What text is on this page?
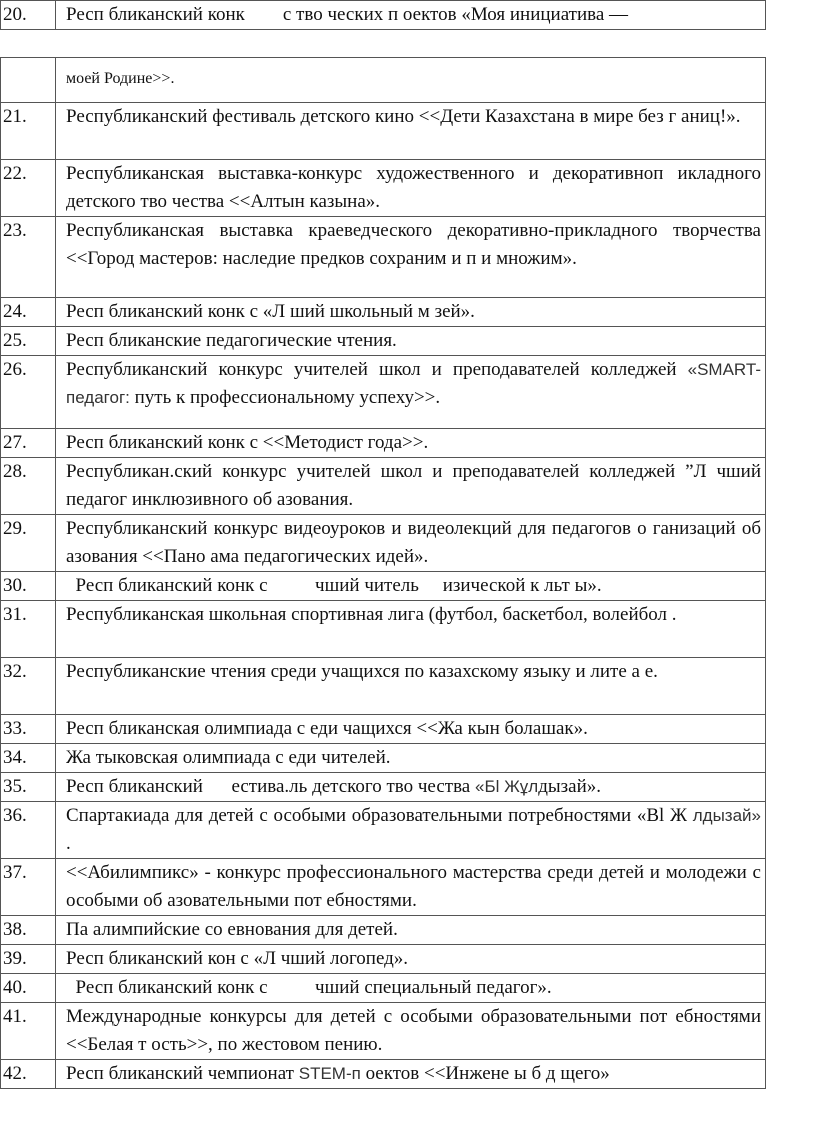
20.	Респ бликанский конк        с тво ческих п оектов «Моя инициатива —
	моей Родине>>.
21.	Республиканский фестиваль детского кино <<Дети Казахстана в мире без г аниц!».
22.	Республиканская выставка-конкурс художественного и декоративноп икладного детского тво чества <<Алтын казына».
23.	Республиканская выставка краеведческого декоративно-прикладного творчества <<Город мастеров: наследие предков сохраним и п и множим».
24.	Респ бликанский конк с «Л ший школьный м зей».
25.	Респ бликанские педагогические чтения.
26.	Республиканский конкурс учителей школ и преподавателей колледжей «SMART-педагог: путь к профессиональному успеху>>.
27.	Респ бликанский конк с <<Методист года>>.
28.	Республикан.ский конкурс учителей школ и преподавателей колледжей ”Л чший педагог инклюзивного об азования.
29.	Республиканский конкурс видеоуроков и видеолекций для педагогов о ганизаций об азования <<Пано ама педагогических идей».
30.	Респ бликанский конк с          чший читель     изической к льт ы».
31.	Республиканская школьная спортивная лига (футбол, баскетбол, волейбол .
32.	Республиканские чтения среди учащихся по казахскому языку и лите а е.
33.	Респ бликанская олимпиада с еди чащихся <<Жа кын болашак».
34.	Жа тыковская олимпиада с еди чителей.
35.	Респ бликанский      естива.ль детского тво чества «Бl Жұлдызай».
36.	Спартакиада для детей с особыми образовательными потребностями «Bl Ж лдызай» .
37.	<<Абилимпикс» - конкурс профессионального мастерства среди детей и молодежи с особыми об азовательными пот ебностями.
38.	Па алимпийские со евнования для детей.
39.	Респ бликанский кон с «Л чший логопед».
40.	Респ бликанский конк с          чший специальный педагог».
41.	Международные конкурсы для детей с особыми образовательными пот ебностями <<Белая т ость>>, по жестовом пению.
42.	Респ бликанский чемпионат STEM-п оектов <<Инжене ы б д щего»
